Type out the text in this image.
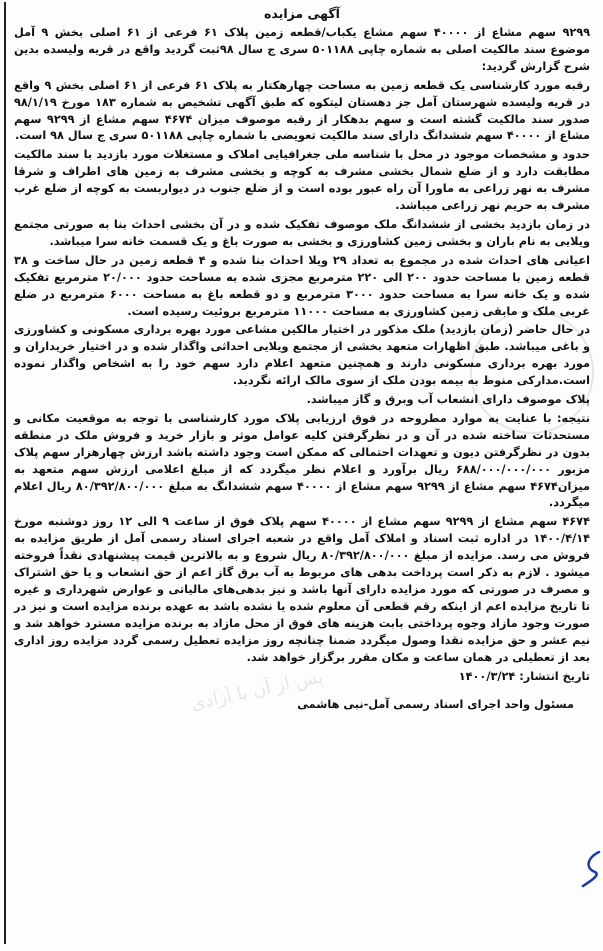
پس از آن با آزادی
آگهی مزایده
۹۲۹۹ سهم مشاع از ۴۰۰۰۰ سهم مشاع یکباب/قطعه زمین پلاک ۶۱ فرعی از ۶۱ اصلی بخش ۹ آمل موضوع سند مالکیت اصلی به شماره چاپی ۵۰۱۱۸۸ سری ج سال ۹۸ثبت گردید واقع در قریه ولیسده بدین شرح گزارش گردید:
رقبه مورد کارشناسی یک قطعه زمین به مساحت چهارهکتار به پلاک ۶۱ فرعی از ۶۱ اصلی بخش ۹ واقع در قریه ولیسده شهرستان آمل جز دهستان لیتکوه که طبق آگهی تشخیص به شماره ۱۸۳ مورخ ۹۸/۱/۱۹ صدور سند مالکیت گشته است و سهم بدهکار از رقبه موصوف میزان ۴۶۷۴ سهم مشاع از ۹۲۹۹ سهم مشاع از ۴۰۰۰۰ سهم ششدانگ دارای سند مالکیت تعویضی با شماره چاپی ۵۰۱۱۸۸ سری ج سال ۹۸ است.
حدود و مشخصات موجود در محل با شناسه ملی جغرافیایی املاک و مستغلات مورد بازدید با سند مالکیت مطابقت دارد و از ضلع شمال بخشی مشرف به کوچه و بخشی مشرف به زمین های اطراف و شرقا مشرف به نهر زراعی به ماورا آن راه عبور بوده است و از ضلع جنوب در دیواربست به کوچه از ضلع غرب مشرف به حریم نهر زراعی میباشد.
در زمان بازدید بخشی از ششدانگ ملک موصوف تفکیک شده و در آن بخشی احداث بنا به صورتی مجتمع ویلایی به نام باران و بخشی زمین کشاورزی و بخشی به صورت باغ و یک قسمت خانه سرا میباشد.
اعیانی های احداث شده در مجموع به تعداد ۲۹ ویلا احداث بنا شده و ۴ قطعه زمین در حال ساخت و ۳۸ قطعه زمین با مساحت حدود ۲۰۰ الی ۲۲۰ مترمربع مجزی شده به مساحت حدود ۲۰/۰۰۰ مترمربع تفکیک شده و یک خانه سرا به مساحت حدود ۳۰۰۰ مترمربع و دو قطعه باغ به مساحت ۶۰۰۰ مترمربع در ضلع غربی ملک و مابقی زمین کشاورزی به مساحت ۱۱۰۰۰ مترمربع بروئیت رسیده است.
در حال حاضر (زمان بازدید) ملک مذکور در اختیار مالکین مشاعی مورد بهره برداری مسکونی و کشاورزی و باغی میباشد. طبق اظهارات متعهد بخشی از مجتمع ویلایی احداثی واگذار شده و در اختیار خریداران و مورد بهره برداری مسکونی دارند و همچنین متعهد اعلام دارد سهم خود را به اشخاص واگذار نموده است.مدارکی منوط به بیمه بودن ملک از سوی مالک ارائه نگردید.
پلاک موصوف دارای انشعاب آب وبرق و گاز میباشد.
نتیجه: با عنایت به موارد مطروحه در فوق ارزیابی پلاک مورد کارشناسی با توجه به موقعیت مکانی و مستحدثات ساخته شده در آن و در نظرگرفتن کلیه عوامل موثر و بازار خرید و فروش ملک در منطقه بدون در نظرگرفتن دیون و تعهدات احتمالی که ممکن است وجود داشته باشد ارزش چهارهزار سهم پلاک مزبور ۶۸۸/۰۰۰/۰۰۰/۰۰۰ ریال برآورد و اعلام نظر میگردد که از مبلغ اعلامی ارزش سهم متعهد به میزان۴۶۷۴ سهم مشاع از ۹۲۹۹ سهم مشاع از ۴۰۰۰۰ سهم ششدانگ به مبلغ ۸۰/۳۹۲/۸۰۰/۰۰۰ ریال اعلام میگردد.
۴۶۷۴ سهم مشاع از ۹۲۹۹ سهم مشاع از ۴۰۰۰۰ سهم پلاک فوق از ساعت ۹ الی ۱۲ روز دوشنبه مورخ ۱۴۰۰/۴/۱۴ در اداره ثبت اسناد و املاک آمل واقع در شعبه اجرای اسناد رسمی آمل از طریق مزایده به فروش می رسد. مزایده از مبلغ ۸۰/۳۹۲/۸۰۰/۰۰۰ ریال شروع و به بالاترین قیمت پیشنهادی نقداً فروخته میشود . لازم به ذکر است پرداخت بدهی های مربوط به آب برق گاز اعم از حق انشعاب و یا حق اشتراک و مصرف در صورتی که مورد مزایده دارای آنها باشد و نیز بدهی‌های مالیاتی و عوارض شهرداری و غیره تا تاریخ مزایده اعم از اینکه رقم قطعی آن معلوم شده یا نشده باشد به عهده برنده مزایده است و نیز در صورت وجود مازاد وجوه پرداختی بابت هزینه های فوق از محل مازاد به برنده مزایده مسترد خواهد شد و نیم عشر و حق مزایده نقدا وصول میگردد ضمنا چنانچه روز مزایده تعطیل رسمی گردد مزایده روز اداری بعد از تعطیلی در همان ساعت و مکان مقرر برگزار خواهد شد.
تاریخ انتشار: ۱۴۰۰/۳/۲۴
مسئول واحد اجرای اسناد رسمی آمل-نبی هاشمی
